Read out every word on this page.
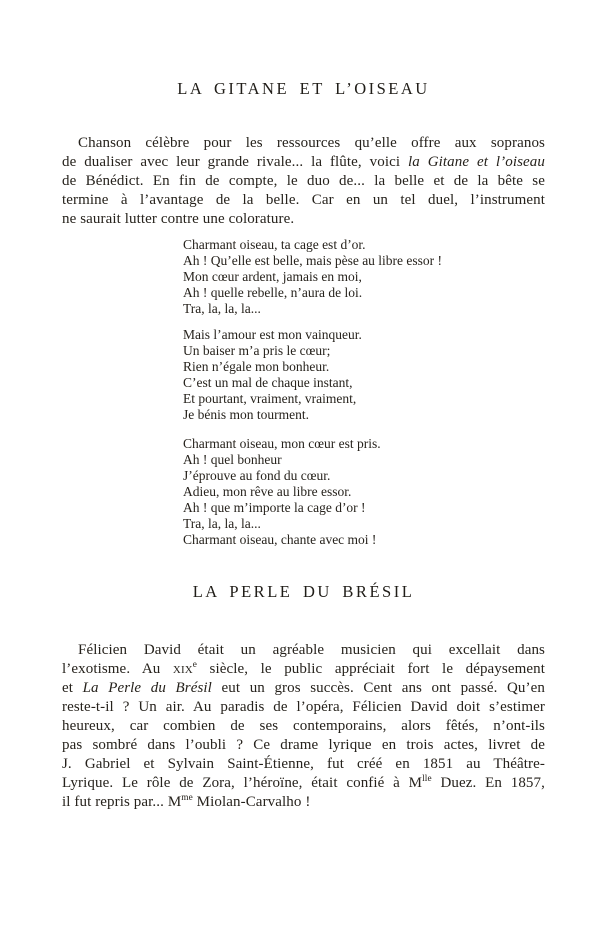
LA GITANE ET L’OISEAU
Chanson célèbre pour les ressources qu’elle offre aux sopranos
de dualiser avec leur grande rivale... la flûte, voici la Gitane et l’oiseau
de Bénédict. En fin de compte, le duo de... la belle et de la bête se
termine à l’avantage de la belle. Car en un tel duel, l’instrument
ne saurait lutter contre une colorature.
Charmant oiseau, ta cage est d’or.
Ah ! Qu’elle est belle, mais pèse au libre essor !
Mon cœur ardent, jamais en moi,
Ah ! quelle rebelle, n’aura de loi.
Tra, la, la, la...
Mais l’amour est mon vainqueur.
Un baiser m’a pris le cœur;
Rien n’égale mon bonheur.
C’est un mal de chaque instant,
Et pourtant, vraiment, vraiment,
Je bénis mon tourment.
Charmant oiseau, mon cœur est pris.
Ah ! quel bonheur
J’éprouve au fond du cœur.
Adieu, mon rêve au libre essor.
Ah ! que m’importe la cage d’or !
Tra, la, la, la...
Charmant oiseau, chante avec moi !
LA PERLE DU BRÉSIL
Félicien David était un agréable musicien qui excellait dans
l’exotisme. Au xix$^e$ siècle, le public appréciait fort le dépaysement
et La Perle du Brésil eut un gros succès. Cent ans ont passé. Qu’en
reste-t-il ? Un air. Au paradis de l’opéra, Félicien David doit s’estimer
heureux, car combien de ses contemporains, alors fêtés, n’ont-ils
pas sombré dans l’oubli ? Ce drame lyrique en trois actes, livret de
J. Gabriel et Sylvain Saint-Étienne, fut créé en 1851 au Théâtre-
Lyrique. Le rôle de Zora, l’héroïne, était confié à $M^{lle}$ Duez. En 1857,
il fut repris par... $M^{me}$ Miolan-Carvalho !
